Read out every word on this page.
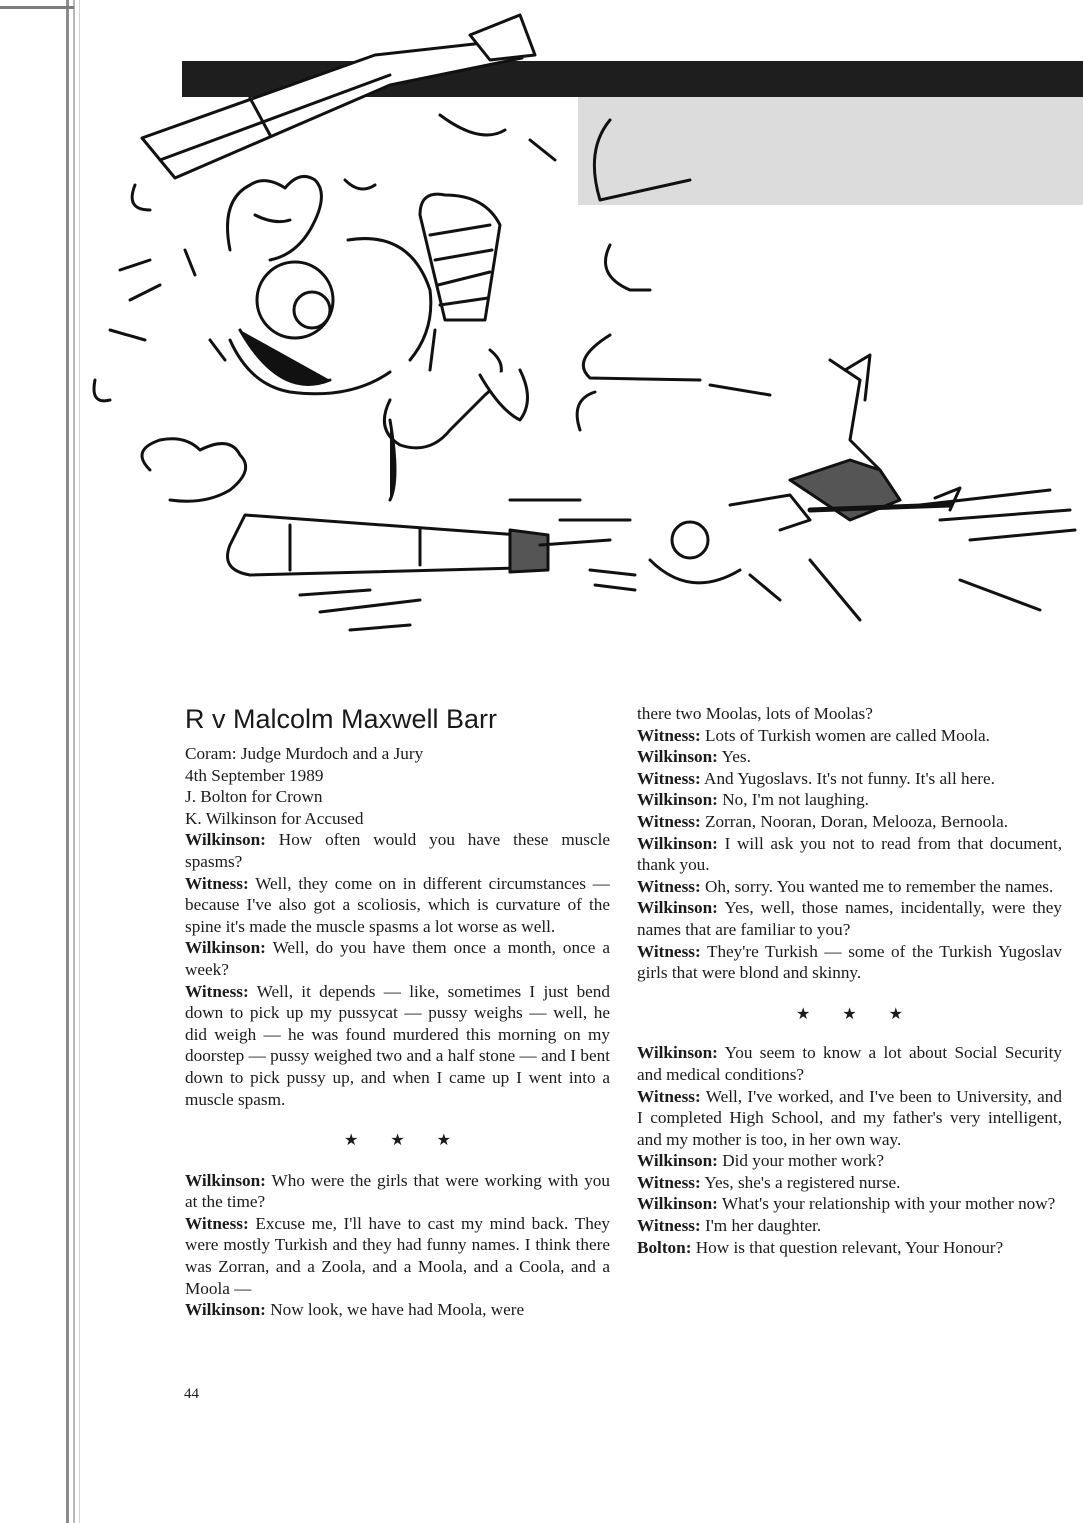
R v Malcolm Maxwell Barr

Coram: Judge Murdoch and a Jury

4th September 1989

J. Bolton for Crown

K. Wilkinson for Accused

Wilkinson: How often would you have these muscle spasms?

Witness: Well, they come on in different circumstances — because I've also got a scoliosis, which is curvature of the spine it's made the muscle spasms a lot worse as well.

Wilkinson: Well, do you have them once a month, once a week?

Witness: Well, it depends — like, sometimes I just bend down to pick up my pussycat — pussy weighs — well, he did weigh — he was found murdered this morning on my doorstep — pussy weighed two and a half stone — and I bent down to pick pussy up, and when I came up I went into a muscle spasm.

★ ★ ★

Wilkinson: Who were the girls that were working with you at the time?

Witness: Excuse me, I'll have to cast my mind back. They were mostly Turkish and they had funny names. I think there was Zorran, and a Zoola, and a Moola, and a Coola, and a Moola —

Wilkinson: Now look, we have had Moola, were

there two Moolas, lots of Moolas?

Witness: Lots of Turkish women are called Moola.

Wilkinson: Yes.

Witness: And Yugoslavs. It's not funny. It's all here.

Wilkinson: No, I'm not laughing.

Witness: Zorran, Nooran, Doran, Melooza, Bernoola.

Wilkinson: I will ask you not to read from that document, thank you.

Witness: Oh, sorry. You wanted me to remember the names.

Wilkinson: Yes, well, those names, incidentally, were they names that are familiar to you?

Witness: They're Turkish — some of the Turkish Yugoslav girls that were blond and skinny.

★ ★ ★

Wilkinson: You seem to know a lot about Social Security and medical conditions?

Witness: Well, I've worked, and I've been to University, and I completed High School, and my father's very intelligent, and my mother is too, in her own way.

Wilkinson: Did your mother work?

Witness: Yes, she's a registered nurse.

Wilkinson: What's your relationship with your mother now?

Witness: I'm her daughter.

Bolton: How is that question relevant, Your Honour?

44
